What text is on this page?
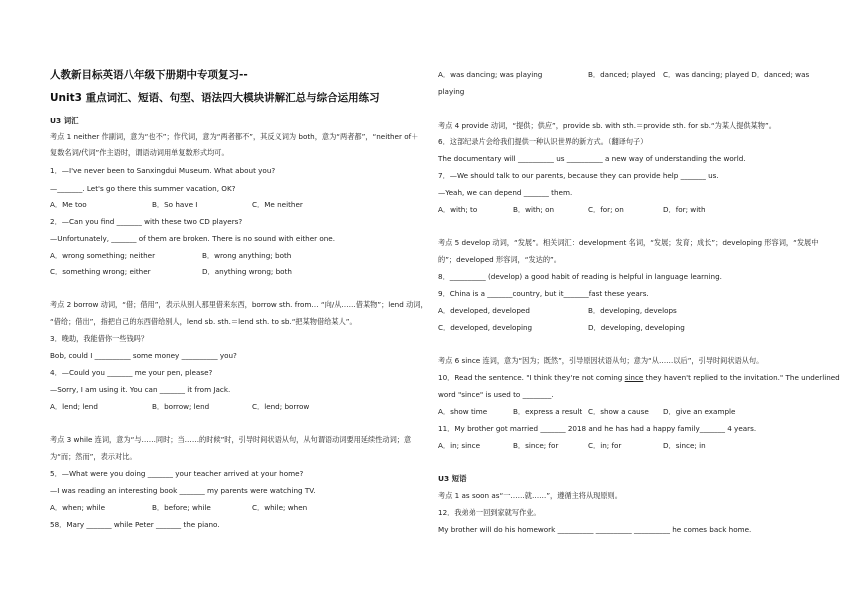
人教新目标英语八年级下册期中专项复习--
Unit3 重点词汇、短语、句型、语法四大模块讲解汇总与综合运用练习
U3 词汇
考点 1 neither 作副词，意为“也不”；作代词，意为“两者都不”，其反义词为 both，意为“两者都”，“neither of＋
复数名词/代词”作主语时，谓语动词用单复数形式均可。
1．—I've never been to Sanxingdui Museum. What about you?
—_______. Let's go there this summer vacation, OK?
A．Me too	B．So have I	C．Me neither
2．—Can you find _______ with these two CD players?
—Unfortunately, _______ of them are broken. There is no sound with either one.
A．wrong something; neither	B．wrong anything; both
C．something wrong; either	D．anything wrong; both
考点 2 borrow 动词，“借；借用”，表示从别人那里借来东西，borrow sth. from… “向/从……借某物”；lend 动词，
“借给；借出”，指把自己的东西借给别人，lend sb. sth.＝lend sth. to sb.“把某物借给某人”。
3．晚助，我能借你一些钱吗？
Bob, could I __________ some money __________ you?
4．—Could you _______ me your pen, please?
—Sorry, I am using it. You can _______ it from Jack.
A．lend; lend	B．borrow; lend	C．lend; borrow
考点 3 while 连词，意为“与……同时；当……的时候”时，引导时间状语从句，从句谓语动词要用延续性动词；意
为“而；然而”，表示对比。
5．—What were you doing _______ your teacher arrived at your home?
—I was reading an interesting book _______ my parents were watching TV.
A．when; while	B．before; while	C．while; when
58．Mary _______ while Peter _______ the piano.
A．was dancing; was playing	B．danced; played C．was dancing; played D．danced; was
playing
考点 4 provide 动词，“提供；供应”，provide sb. with sth.＝provide sth. for sb.“为某人提供某物”。
6．这部纪录片会给我们提供一种认识世界的新方式。（翻译句子）
The documentary will __________ us __________ a new way of understanding the world.
7．—We should talk to our parents, because they can provide help _______ us.
—Yeah, we can depend _______ them.
A．with; to	B．with; on	C．for; on	D．for; with
考点 5 develop 动词，“发展”。相关词汇：development 名词，“发展；发育；成长”；developing 形容词，“发展中
的”；developed 形容词，“发达的”。
8．__________ (develop) a good habit of reading is helpful in language learning.
9．China is a _______country, but it_______fast these years.
A．developed, developed	B．developing, develops
C．developed, developing	D．developing, developing
考点 6 since 连词，意为“因为；既然”，引导原因状语从句；意为“从……以后”，引导时间状语从句。
10．Read the sentence. "I think they're not coming since they haven't replied to the invitation." The underlined
word "since" is used to ________.
A．show time	B．express a result C．show a cause D．give an example
11．My brother got married _______ 2018 and he has had a happy family_______ 4 years.
A．in; since	B．since; for	C．in; for	D．since; in
U3 短语
考点 1 as soon as“一……就……”，遵循主将从现原则。
12．我弟弟一回到家就写作业。
My brother will do his homework __________ __________ __________ he comes back home.
